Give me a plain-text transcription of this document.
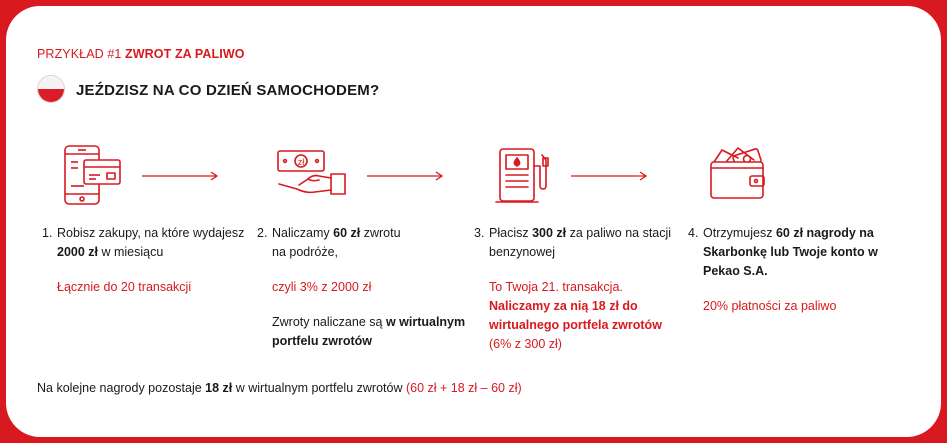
PRZYKŁAD #1 ZWROT ZA PALIWO
JEŹDZISZ NA CO DZIEŃ SAMOCHODEM?
zł
1. Robisz zakupy, na które wydajesz
2000 zł w miesiącu

Łącznie do 20 transakcji

2. Naliczamy 60 zł zwrotu
na podróże,

czyli 3% z 2000 zł

Zwroty naliczane są w wirtualnym portfelu zwrotów

3. Płacisz 300 zł za paliwo na stacji
benzynowej

To Twoja 21. transakcja. Naliczamy za nią 18 zł do wirtualnego portfela zwrotów (6% z 300 zł)

4. Otrzymujesz 60 zł nagrody na Skarbonkę lub Twoje konto w Pekao S.A.

20% płatności za paliwo

Na kolejne nagrody pozostaje 18 zł w wirtualnym portfelu zwrotów (60 zł + 18 zł – 60 zł)
